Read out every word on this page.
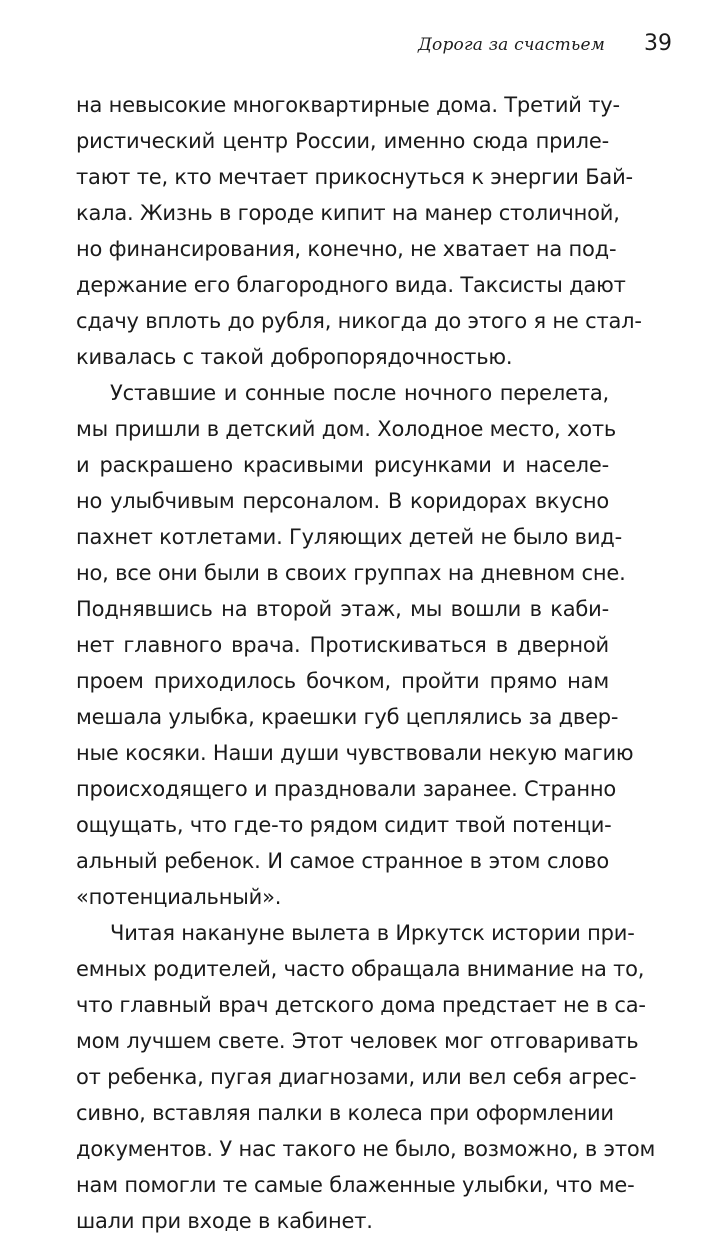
Дорога за счастьем 39
на невысокие многоквартирные дома. Третий ту-
ристический центр России, именно сюда приле-
тают те, кто мечтает прикоснуться к энергии Бай-
кала. Жизнь в городе кипит на манер столичной,
но финансирования, конечно, не хватает на под-
держание его благородного вида. Таксисты дают
сдачу вплоть до рубля, никогда до этого я не стал-
кивалась с такой добропорядочностью.
Уставшие и сонные после ночного перелета,
мы пришли в детский дом. Холодное место, хоть
и раскрашено красивыми рисунками и населе-
но улыбчивым персоналом. В коридорах вкусно
пахнет котлетами. Гуляющих детей не было вид-
но, все они были в своих группах на дневном сне.
Поднявшись на второй этаж, мы вошли в каби-
нет главного врача. Протискиваться в дверной
проем приходилось бочком, пройти прямо нам
мешала улыбка, краешки губ цеплялись за двер-
ные косяки. Наши души чувствовали некую магию
происходящего и праздновали заранее. Странно
ощущать, что где-то рядом сидит твой потенци-
альный ребенок. И самое странное в этом слово
«потенциальный».
Читая накануне вылета в Иркутск истории при-
емных родителей, часто обращала внимание на то,
что главный врач детского дома предстает не в са-
мом лучшем свете. Этот человек мог отговаривать
от ребенка, пугая диагнозами, или вел себя агрес-
сивно, вставляя палки в колеса при оформлении
документов. У нас такого не было, возможно, в этом
нам помогли те самые блаженные улыбки, что ме-
шали при входе в кабинет.
